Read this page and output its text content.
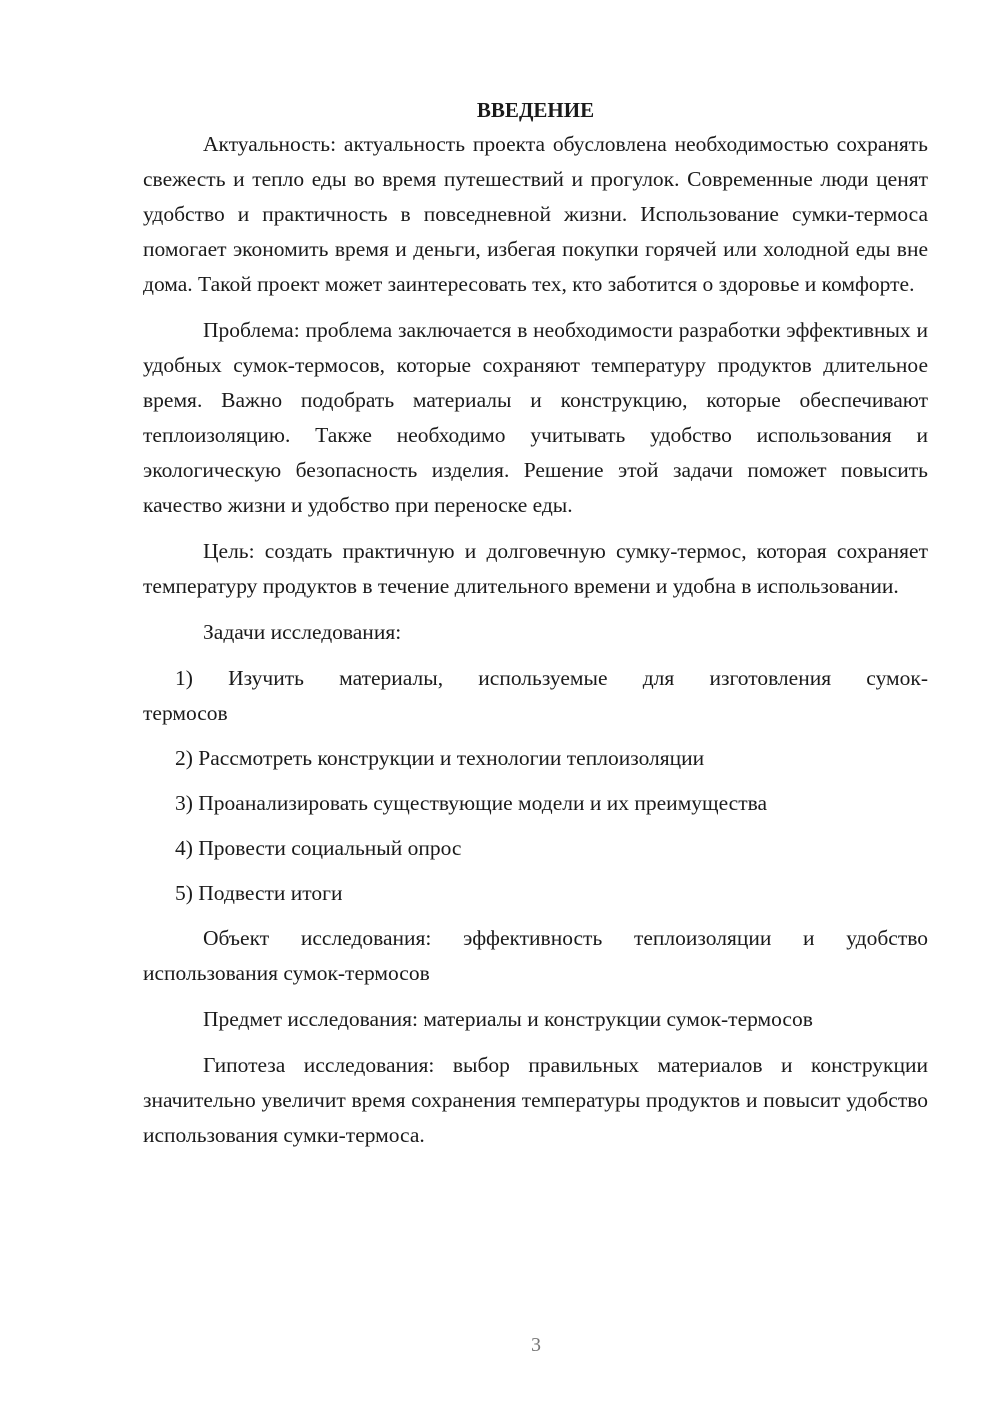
ВВЕДЕНИЕ

Актуальность: актуальность проекта обусловлена необходимостью сохранять свежесть и тепло еды во время путешествий и прогулок. Современные люди ценят удобство и практичность в повседневной жизни. Использование сумки-термоса помогает экономить время и деньги, избегая покупки горячей или холодной еды вне дома. Такой проект может заинтересовать тех, кто заботится о здоровье и комфорте.

Проблема: проблема заключается в необходимости разработки эффективных и удобных сумок-термосов, которые сохраняют температуру продуктов длительное время. Важно подобрать материалы и конструкцию, которые обеспечивают теплоизоляцию. Также необходимо учитывать удобство использования и экологическую безопасность изделия. Решение этой задачи поможет повысить качество жизни и удобство при переноске еды.

Цель: создать практичную и долговечную сумку-термос, которая сохраняет температуру продуктов в течение длительного времени и удобна в использовании.

Задачи исследования:

1) Изучить материалы, используемые для изготовления сумок-термосов

2) Рассмотреть конструкции и технологии теплоизоляции

3) Проанализировать существующие модели и их преимущества

4) Провести социальный опрос

5) Подвести итоги

Объект исследования: эффективность теплоизоляции и удобство использования сумок-термосов

Предмет исследования: материалы и конструкции сумок-термосов

Гипотеза исследования: выбор правильных материалов и конструкции значительно увеличит время сохранения температуры продуктов и повысит удобство использования сумки-термоса.

3
